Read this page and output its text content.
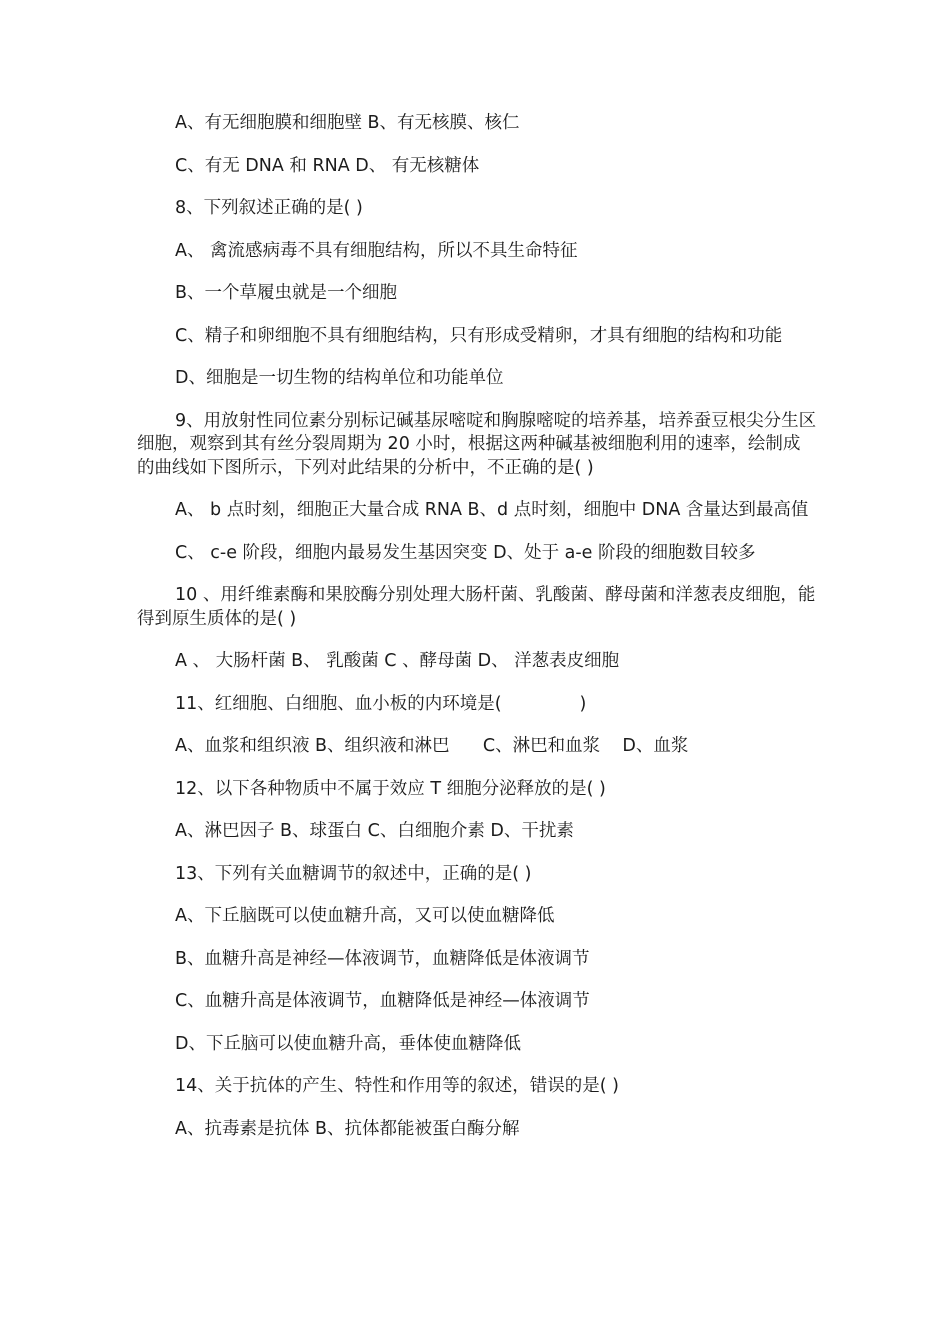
A、有无细胞膜和细胞壁 B、有无核膜、核仁

C、有无 DNA 和 RNA D、 有无核糖体

8、下列叙述正确的是( )

A、 禽流感病毒不具有细胞结构，所以不具生命特征

B、一个草履虫就是一个细胞

C、精子和卵细胞不具有细胞结构，只有形成受精卵，才具有细胞的结构和功能

D、细胞是一切生物的结构单位和功能单位

9、用放射性同位素分别标记碱基尿嘧啶和胸腺嘧啶的培养基，培养蚕豆根尖分生区细胞，观察到其有丝分裂周期为 20 小时，根据这两种碱基被细胞利用的速率，绘制成的曲线如下图所示，下列对此结果的分析中，不正确的是( )

A、 b 点时刻，细胞正大量合成 RNA B、d 点时刻，细胞中 DNA 含量达到最高值

C、 c-e 阶段，细胞内最易发生基因突变 D、处于 a-e 阶段的细胞数目较多

10 、用纤维素酶和果胶酶分别处理大肠杆菌、乳酸菌、酵母菌和洋葱表皮细胞，能得到原生质体的是( )

A 、 大肠杆菌 B、 乳酸菌 C 、酵母菌 D、 洋葱表皮细胞

11、红细胞、白细胞、血小板的内环境是(              )

A、血浆和组织液 B、组织液和淋巴      C、淋巴和血浆    D、血浆

12、以下各种物质中不属于效应 T 细胞分泌释放的是( )

A、淋巴因子 B、球蛋白 C、白细胞介素 D、干扰素

13、下列有关血糖调节的叙述中，正确的是( )

A、下丘脑既可以使血糖升高，又可以使血糖降低

B、血糖升高是神经—体液调节，血糖降低是体液调节

C、血糖升高是体液调节，血糖降低是神经—体液调节

D、下丘脑可以使血糖升高，垂体使血糖降低

14、关于抗体的产生、特性和作用等的叙述，错误的是( )

A、抗毒素是抗体 B、抗体都能被蛋白酶分解
